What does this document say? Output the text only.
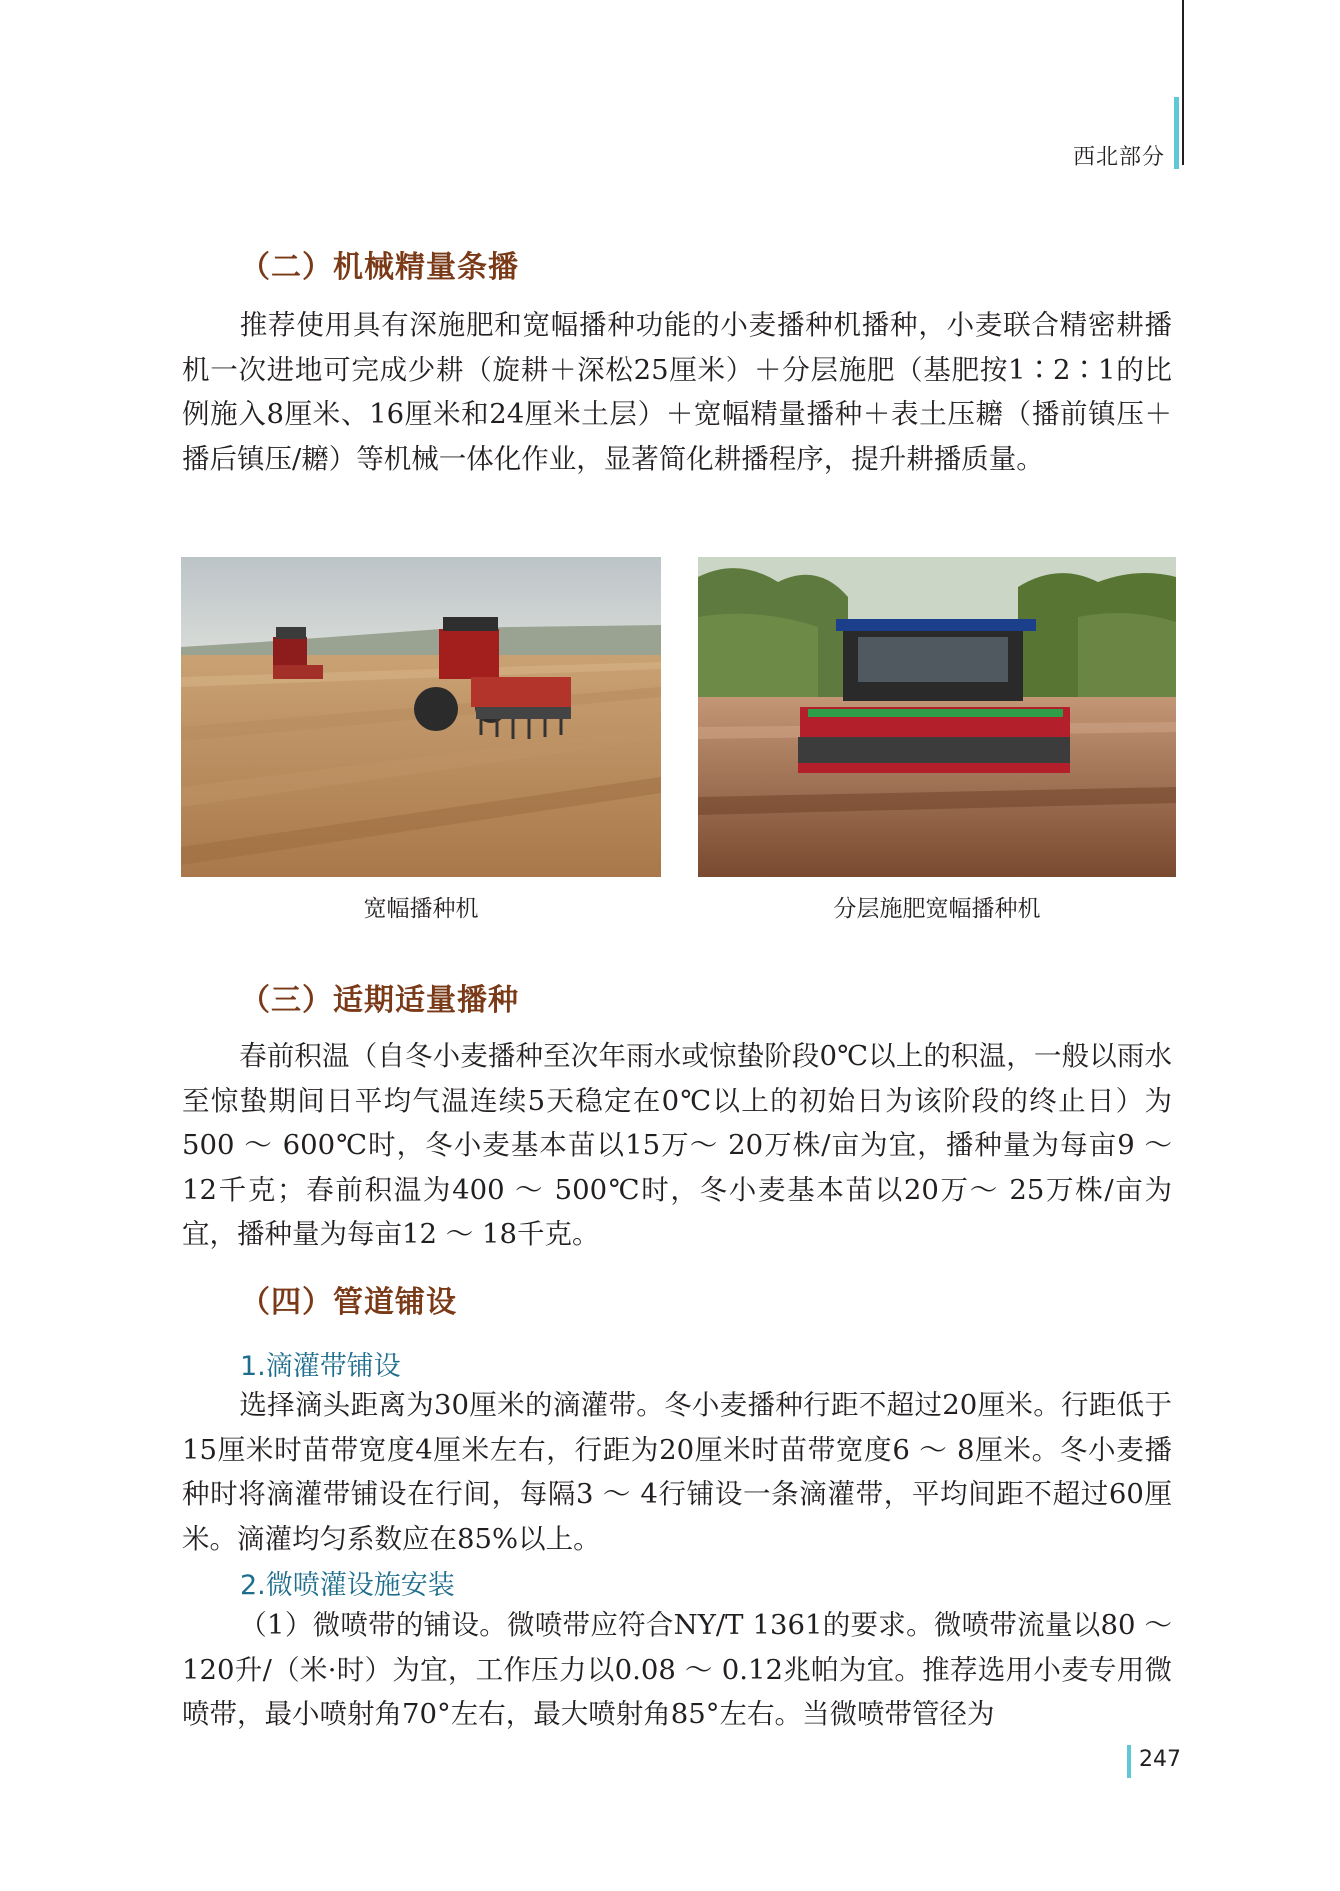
西北部分
（二）机械精量条播
推荐使用具有深施肥和宽幅播种功能的小麦播种机播种，小麦联合精密耕播机一次进地可完成少耕（旋耕＋深松25厘米）＋分层施肥（基肥按1∶2∶1的比例施入8厘米、16厘米和24厘米土层）＋宽幅精量播种＋表土压耱（播前镇压＋播后镇压/耱）等机械一体化作业，显著简化耕播程序，提升耕播质量。
宽幅播种机	分层施肥宽幅播种机
（三）适期适量播种
春前积温（自冬小麦播种至次年雨水或惊蛰阶段0℃以上的积温，一般以雨水至惊蛰期间日平均气温连续5天稳定在0℃以上的初始日为该阶段的终止日）为500 ～ 600℃时，冬小麦基本苗以15万～ 20万株/亩为宜，播种量为每亩9 ～ 12千克；春前积温为400 ～ 500℃时，冬小麦基本苗以20万～ 25万株/亩为宜，播种量为每亩12 ～ 18千克。
（四）管道铺设
1.滴灌带铺设
选择滴头距离为30厘米的滴灌带。冬小麦播种行距不超过20厘米。行距低于15厘米时苗带宽度4厘米左右，行距为20厘米时苗带宽度6 ～ 8厘米。冬小麦播种时将滴灌带铺设在行间，每隔3 ～ 4行铺设一条滴灌带，平均间距不超过60厘米。滴灌均匀系数应在85%以上。
2.微喷灌设施安装
（1）微喷带的铺设。微喷带应符合NY/T 1361的要求。微喷带流量以80 ～ 120升/（米·时）为宜，工作压力以0.08 ～ 0.12兆帕为宜。推荐选用小麦专用微喷带，最小喷射角70°左右，最大喷射角85°左右。当微喷带管径为
247
